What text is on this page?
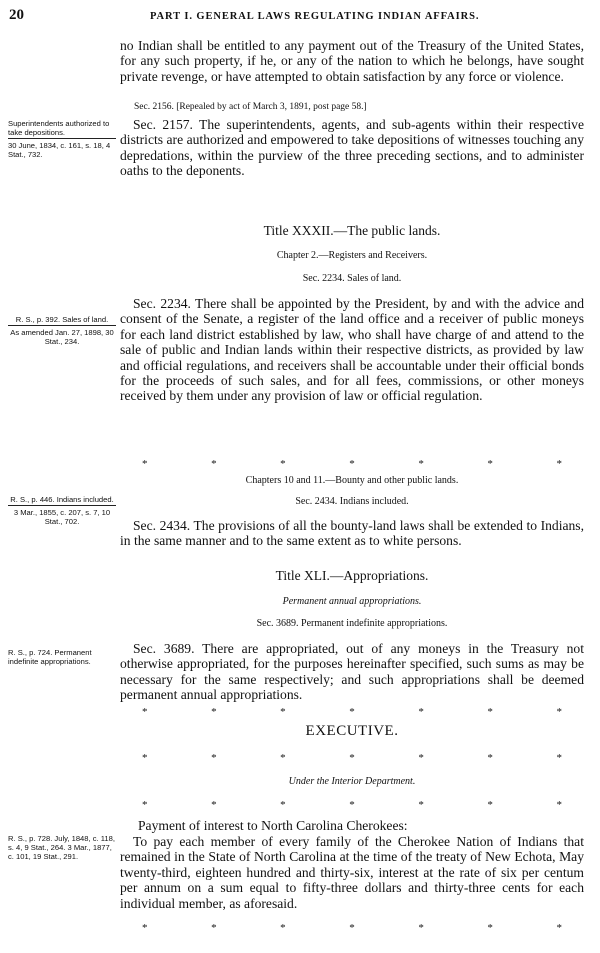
20	PART I. GENERAL LAWS REGULATING INDIAN AFFAIRS.
no Indian shall be entitled to any payment out of the Treasury of the United States, for any such property, if he, or any of the nation to which he belongs, have sought private revenge, or have attempted to obtain satisfaction by any force or violence.
Sec. 2156. [Repealed by act of March 3, 1891, post page 58.]
Superintendents authorized to take depositions.
30 June, 1834, c. 161, s. 18, 4 Stat., 732.
Sec. 2157. The superintendents, agents, and sub-agents within their respective districts are authorized and empowered to take depositions of witnesses touching any depredations, within the purview of the three preceding sections, and to administer oaths to the deponents.
Title XXXII.—The public lands.
Chapter 2.—Registers and Receivers.
Sec. 2234. Sales of land.
R. S., p. 392. Sales of land.
As amended Jan. 27, 1898, 30 Stat., 234.
Sec. 2234. There shall be appointed by the President, by and with the advice and consent of the Senate, a register of the land office and a receiver of public moneys for each land district established by law, who shall have charge of and attend to the sale of public and Indian lands within their respective districts, as provided by law and official regulations, and receivers shall be accountable under their official bonds for the proceeds of such sales, and for all fees, commissions, or other moneys received by them under any provision of law or official regulation.
*	*	*	*	*	*	*
Chapters 10 and 11.—Bounty and other public lands.
Sec. 2434. Indians included.
R. S., p. 446. Indians included.
3 Mar., 1855, c. 207, s. 7, 10 Stat., 702.	Sec. 2434. The provisions of all the bounty-land laws shall be extended to Indians, in the same manner and to the same extent as to white persons.
Title XLI.—Appropriations.
Permanent annual appropriations.
Sec. 3689. Permanent indefinite appropriations.
R. S., p. 724. Permanent indefinite appropriations.
Sec. 3689. There are appropriated, out of any moneys in the Treasury not otherwise appropriated, for the purposes hereinafter specified, such sums as may be necessary for the same respectively; and such appropriations shall be deemed permanent annual appropriations.
*	*	*	*	*	*	*
EXECUTIVE.
*	*	*	*	*	*	*
Under the Interior Department.
*	*	*	*	*	*	*
R. S., p. 728. July, 1848, c. 118, s. 4, 9 Stat., 264. 3 Mar., 1877, c. 101, 19 Stat., 291.
Payment of interest to North Carolina Cherokees:
To pay each member of every family of the Cherokee Nation of Indians that remained in the State of North Carolina at the time of the treaty of New Echota, May twenty-third, eighteen hundred and thirty-six, interest at the rate of six per centum per annum on a sum equal to fifty-three dollars and thirty-three cents for each individual member, as aforesaid.
*	*	*	*	*	*	*
